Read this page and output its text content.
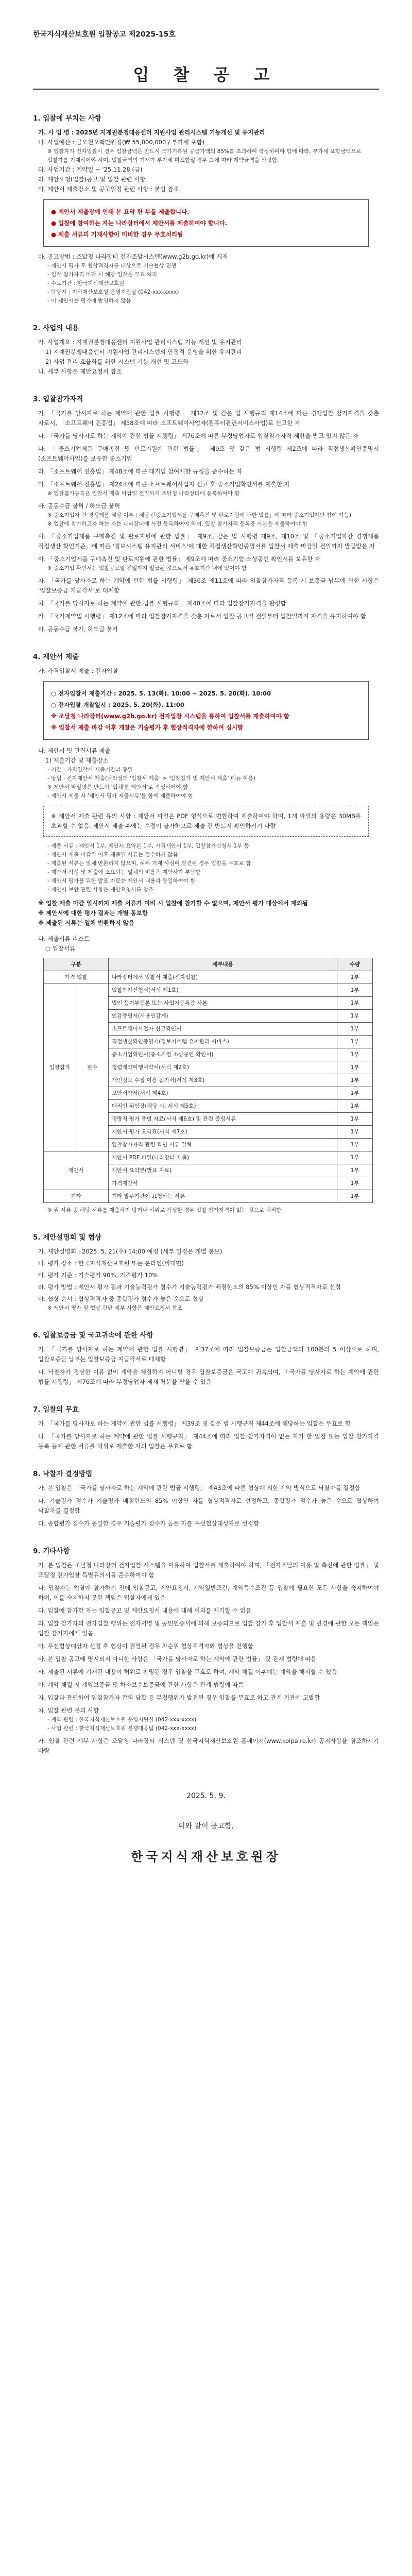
한국지식재산보호원 입찰공고 제2025-15호
입 찰 공 고

1. 입찰에 부치는 사항

가. 사 업 명 : 2025년 지재권분쟁대응센터 지원사업 관리시스템 기능개선 및 유지관리

나. 사업예산 : 금오천오백만원정(₩ 55,000,000 / 부가세 포함)

※ 입찰자가 전자입찰시 경우 입찰금액은 반드시 국가기록원 공급가액의 85%를 초과하여 작성하여야 함에 따라, 부가세 포함금액으로 입찰가를 기재하여야 하며, 입찰금액의 기재가 부가세 미포함일 경우 그에 따라 계약금액을 산정함.

다. 사업기간 : 계약일 ~ '25.11.28.(금)

라. 제안요청(입찰)공고 및 입찰 관련 사항

마. 제안서 제출장소 및 공고일정 관련 사항 : 붙임 참조

● 제안서 제출장에 인쇄 본 요약 한 부를 제출합니다.

● 입찰에 참여하는 자는 나라장터에서 제안서를 제출하여야 합니다.

● 제출 서류의 기재사항이 미비한 경우 무효처리됨

바. 공고방법 : 조달청 나라장터 전자조달시스템(www.g2b.go.kr)에 게재

- 제안서 평가 후 협상적격자를 대상으로 기술협상 진행

- 입찰 참가자격 미달 시 해당 입찰은 무효 처리

- 수요기관 : 한국지식재산보호원

- 담당자 : 지식재산보호원 운영지원실 (042-xxx-xxxx)

- 이 제안서는 평가에 반영하지 않음

2. 사업의 내용

가. 사업개요 : 지재권분쟁대응센터 지원사업 관리시스템 기능 개선 및 유지관리

1) 지재권분쟁대응센터 지원사업 관리시스템의 안정적 운영을 위한 유지관리

2) 사업 관리 효율화를 위한 시스템 기능 개선 및 고도화

나. 세부 사항은 제안요청서 참조

3. 입찰참가자격

가. 「국가를 당사자로 하는 계약에 관한 법률 시행령」 제12조 및 같은 법 시행규칙 제14조에 따른 경쟁입찰 참가자격을 갖춘 자로서, 「소프트웨어 진흥법」 제58조에 따라 소프트웨어사업자(컴퓨터관련서비스사업)로 신고한 자

나. 「국가를 당사자로 하는 계약에 관한 법률 시행령」 제76조에 따른 부정당업자로 입찰참가자격 제한을 받고 있지 않은 자

다. 「중소기업제품 구매촉진 및 판로지원에 관한 법률」 제9조 및 같은 법 시행령 제2조에 따라 직접생산확인증명서(소프트웨어사업)를 보유한 중소기업

라. 「소프트웨어 진흥법」 제48조에 따른 대기업 참여제한 규정을 준수하는 자

마. 「소프트웨어 진흥법」 제24조에 따른 소프트웨어사업자 신고 후 중소기업확인서를 제출한 자

※ 입찰참가등록은 입찰서 제출 마감일 전일까지 조달청 나라장터에 등록하여야 함

바. 공동수급 불허 / 하도급 불허

※ 중소기업자 간 경쟁제품 해당 여부 : 해당 (「중소기업제품 구매촉진 및 판로지원에 관한 법률」에 따라 중소기업자만 참여 가능)

※ 입찰에 참가하고자 하는 자는 나라장터에 사전 등록하여야 하며, 입찰 참가자격 등록증 사본을 제출하여야 함

사. 「중소기업제품 구매촉진 및 판로지원에 관한 법률」 제9조, 같은 법 시행령 제9조, 제10조 및 「중소기업자간 경쟁제품 직접생산 확인기준」에 따른 '정보시스템 유지관리 서비스'에 대한 직접생산확인증명서를 입찰서 제출 마감일 전일까지 발급받은 자

아. 「중소기업제품 구매촉진 및 판로지원에 관한 법률」 제9조에 따라 중소기업·소상공인 확인서를 보유한 자

※ 중소기업 확인서는 입찰공고일 전일까지 발급된 것으로서 유효기간 내에 있어야 함

자. 「국가를 당사자로 하는 계약에 관한 법률 시행령」 제36조 제11호에 따라 입찰참가자격 등록 시 보증금 납부에 관한 사항은 '입찰보증금 지급각서'로 대체함

차. 「국가를 당사자로 하는 계약에 관한 법률 시행규칙」 제40조에 따라 입찰참가자격을 판정함

카. 「국가계약법 시행령」 제12조에 따라 입찰참가자격을 갖춘 자로서 입찰 공고일 전일부터 입찰일까지 자격을 유지하여야 함

타. 공동수급 불가, 하도급 불가

4. 제안서 제출

가. 가격입찰서 제출 : 전자입찰

○ 전자입찰서 제출기간 : 2025. 5. 13(화). 10:00 ~ 2025. 5. 20(화). 10:00

○ 전자입찰 개찰일시 : 2025. 5. 20(화). 11:00

※ 조달청 나라장터(www.g2b.go.kr) 전자입찰 시스템을 통하여 입찰서를 제출하여야 함

※ 입찰서 제출 마감 이후 개찰은 기술평가 후 협상적격자에 한하여 실시함

나. 제안서 및 관련서류 제출

1) 제출기간 및 제출장소

- 기간 : 가격입찰서 제출기간과 동일

- 방법 : 전자제안서 제출(나라장터 '입찰서 제출' > '입찰참가 및 제안서 제출' 메뉴 이용)

※ 제안서 파일명은 반드시 '업체명_제안서'로 작성하여야 함

- 제안서 제출 시 '제안서 평가 제출서류'를 함께 제출하여야 함

※ 제안서 제출 관련 유의 사항 : 제안서 파일은 PDF 형식으로 변환하여 제출하여야 하며, 1개 파일의 용량은 30MB를 초과할 수 없음. 제안서 제출 후에는 수정이 불가하므로 제출 전 반드시 확인하시기 바람

- 제출 서류 : 제안서 1부, 제안서 요약본 1부, 가격제안서 1부, 입찰참가신청서 1부 등

- 제안서 제출 마감일 이후 제출된 서류는 접수하지 않음

- 제출된 서류는 일체 반환하지 않으며, 허위 기재 사실이 발견된 경우 입찰을 무효로 함

- 제안서 작성 및 제출에 소요되는 일체의 비용은 제안사가 부담함

- 제안서 평가를 위한 발표 자료는 제안서 내용과 동일하여야 함

- 제안서 보안 관련 사항은 제안요청서를 참조

※ 입찰 제출 마감 일시까지 제출 서류가 미비 시 입찰에 참가할 수 없으며, 제안서 평가 대상에서 제외됨

※ 제안서에 대한 평가 결과는 개별 통보함

※ 제출된 서류는 일체 반환하지 않음

다. 제출서류 리스트

○ 입찰서류

구분		세부내용	수량
가격 입찰		나라장터에서 입찰서 제출(전자입찰)	1부
입찰참가	필수	입찰참가신청서(서식 제1호)	1부
		법인 등기부등본 또는 사업자등록증 사본	1부
		인감증명서(사용인감계)	1부
		소프트웨어사업자 신고확인서	1부
		직접생산확인증명서(정보시스템 유지관리 서비스)	1부
		중소기업확인서(중소기업 소상공인 확인서)	1부
		청렴계약이행서약서(서식 제2호)	1부
		개인정보 수집 이용 동의서(서식 제3호)	1부
		보안서약서(서식 제4호)	1부
		대리인 위임장(해당 시, 서식 제5호)	1부
		정량적 평가 증빙 자료(서식 제6호) 및 관련 증빙서류	1부
		제안서 평가 요약표(서식 제7호)	1부
		입찰참가자격 관련 확인 서류 일체	1부
제안서		제안서 PDF 파일(나라장터 제출)	1부
		제안서 요약본(발표 자료)	1부
		가격제안서	1부
기타		기타 발주기관이 요청하는 서류	1부

※ 위 서류 중 해당 서류를 제출하지 않거나 허위로 작성한 경우 입찰 참가자격이 없는 것으로 처리함

5. 제안설명회 및 협상

가. 제안설명회 : 2025. 5. 21(수) 14:00 예정 (세부 일정은 개별 통보)

나. 평가 장소 : 한국지식재산보호원 또는 온라인(비대면)

다. 평가 기준 : 기술평가 90%, 가격평가 10%

라. 평가 방법 : 제안서 평가 결과 기술능력평가 점수가 기술능력평가 배점한도의 85% 이상인 자를 협상적격자로 선정

마. 협상 순서 : 협상적격자 중 종합평가 점수가 높은 순으로 협상

※ 제안서 평가 및 협상 관련 세부 사항은 제안요청서 참조

6. 입찰보증금 및 국고귀속에 관한 사항

가. 「국가를 당사자로 하는 계약에 관한 법률 시행령」 제37조에 따라 입찰보증금은 입찰금액의 100분의 5 이상으로 하며, 입찰보증금 납부는 입찰보증금 지급각서로 대체함

나. 낙찰자가 정당한 이유 없이 계약을 체결하지 아니할 경우 입찰보증금은 국고에 귀속되며, 「국가를 당사자로 하는 계약에 관한 법률 시행령」 제76조에 따라 부정당업자 제재 처분을 받을 수 있음

7. 입찰의 무효

가. 「국가를 당사자로 하는 계약에 관한 법률 시행령」 제39조 및 같은 법 시행규칙 제44조에 해당하는 입찰은 무효로 함

나. 「국가를 당사자로 하는 계약에 관한 법률 시행규칙」 제44조에 따라 입찰 참가자격이 없는 자가 한 입찰 또는 입찰 참가자격 등록 등에 관한 서류를 허위로 제출한 자의 입찰은 무효로 함

8. 낙찰자 결정방법

가. 본 입찰은 「국가를 당사자로 하는 계약에 관한 법률 시행령」 제43조에 따른 협상에 의한 계약 방식으로 낙찰자를 결정함

나. 기술평가 점수가 기술평가 배점한도의 85% 이상인 자를 협상적격자로 선정하고, 종합평가 점수가 높은 순으로 협상하여 낙찰자를 결정함

다. 종합평가 점수가 동일한 경우 기술평가 점수가 높은 자를 우선협상대상자로 선정함

9. 기타사항

가. 본 입찰은 조달청 나라장터 전자입찰 시스템을 이용하여 입찰서를 제출하여야 하며, 「전자조달의 이용 및 촉진에 관한 법률」 및 조달청 전자입찰 특별유의서를 준수하여야 함

나. 입찰자는 입찰에 참가하기 전에 입찰공고, 제안요청서, 계약일반조건, 계약특수조건 등 입찰에 필요한 모든 사항을 숙지하여야 하며, 이를 숙지하지 못한 책임은 입찰자에게 있음

다. 입찰에 참가한 자는 입찰공고 및 제안요청서 내용에 대해 이의를 제기할 수 없음

라. 입찰 참가자의 전자입찰 행위는 전자서명 및 공인인증서에 의해 보증되므로 입찰 참가 후 입찰서 제출 및 변경에 관한 모든 책임은 입찰 참가자에게 있음

마. 우선협상대상자 선정 후 협상이 결렬될 경우 차순위 협상적격자와 협상을 진행함

바. 본 입찰 공고에 명시되지 아니한 사항은 「국가를 당사자로 하는 계약에 관한 법률」 및 관계 법령에 따름

사. 제출된 서류에 기재된 내용이 허위로 판명된 경우 입찰을 무효로 하며, 계약 체결 이후에는 계약을 해지할 수 있음

아. 계약 체결 시 계약보증금 및 하자보수보증금에 관한 사항은 관계 법령에 따름

자. 입찰과 관련하여 입찰참가자 간의 담합 등 부정행위가 발견된 경우 입찰을 무효로 하고 관계 기관에 고발함

차. 입찰 관련 문의 사항

- 계약 관련 : 한국지식재산보호원 운영지원실 (042-xxx-xxxx)

- 사업 관련 : 한국지식재산보호원 분쟁대응팀 (042-xxx-xxxx)

카. 입찰 관련 세부 사항은 조달청 나라장터 시스템 및 한국지식재산보호원 홈페이지(www.koipa.re.kr) 공지사항을 참조하시기 바람

2025. 5. 9.

위와 같이 공고함.

한국지식재산보호원장
